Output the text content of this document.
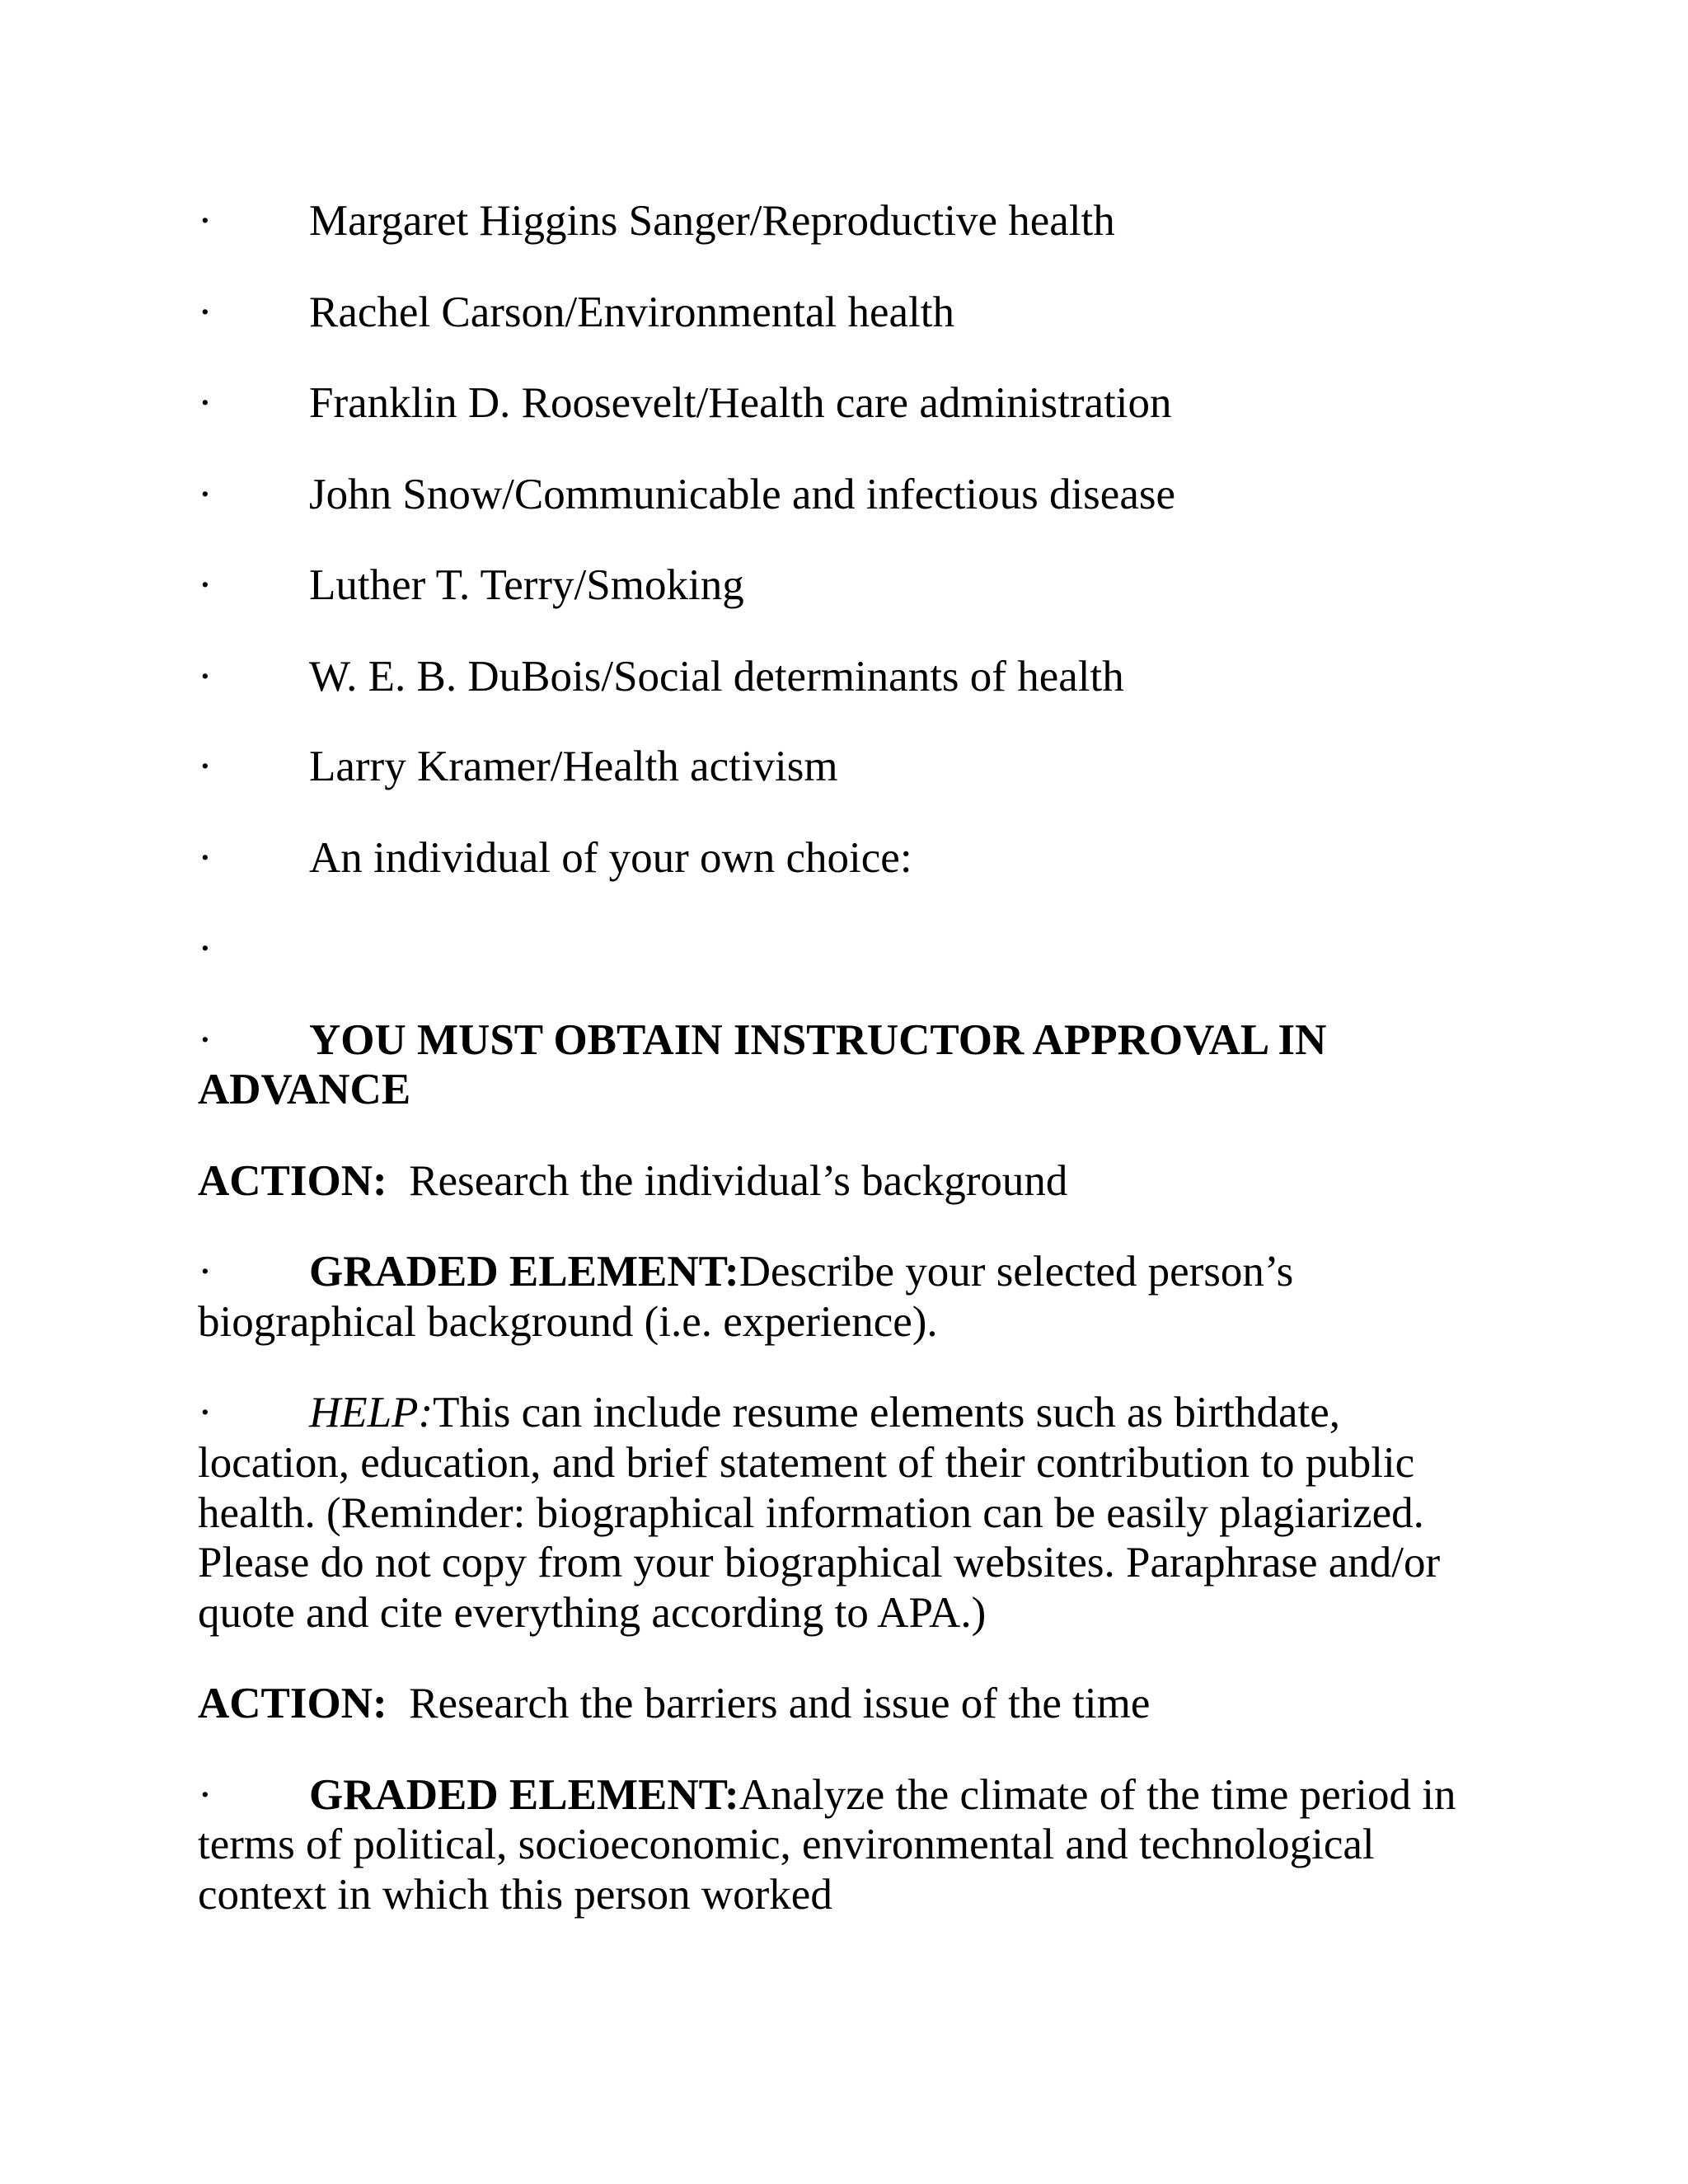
· Margaret Higgins Sanger/Reproductive health
· Rachel Carson/Environmental health
· Franklin D. Roosevelt/Health care administration
· John Snow/Communicable and infectious disease
· Luther T. Terry/Smoking
· W. E. B. DuBois/Social determinants of health
· Larry Kramer/Health activism
· An individual of your own choice:
·
· YOU MUST OBTAIN INSTRUCTOR APPROVAL IN
ADVANCE
ACTION: Research the individual’s background
· GRADED ELEMENT:Describe your selected person’s
biographical background (i.e. experience).
· HELP:This can include resume elements such as birthdate,
location, education, and brief statement of their contribution to public
health. (Reminder: biographical information can be easily plagiarized.
Please do not copy from your biographical websites. Paraphrase and/or
quote and cite everything according to APA.)
ACTION: Research the barriers and issue of the time
· GRADED ELEMENT:Analyze the climate of the time period in
terms of political, socioeconomic, environmental and technological
context in which this person worked
